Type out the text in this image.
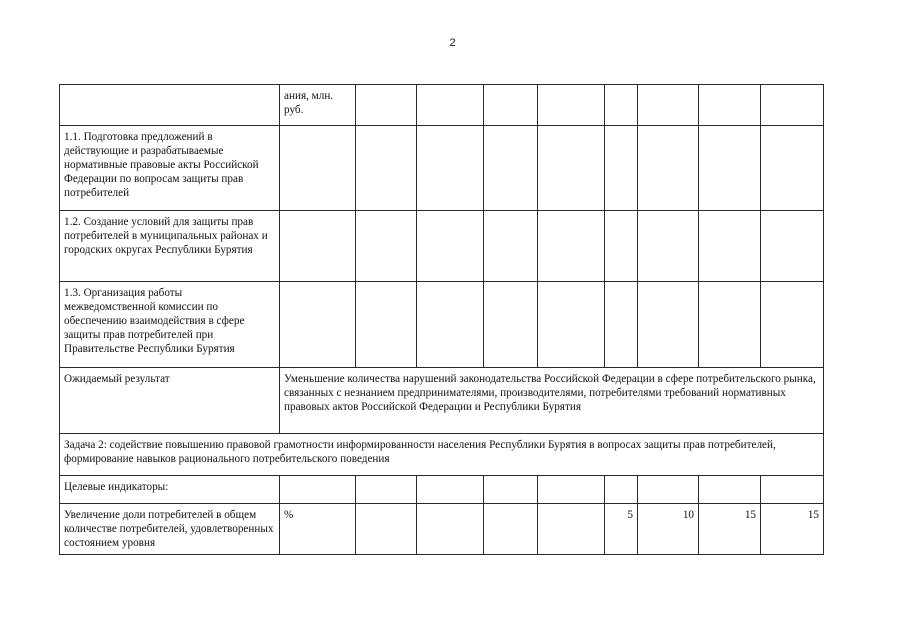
2
	ания, млн. руб.								
1.1. Подготовка предложений в действующие и разрабатываемые нормативные правовые акты Российской Федерации по вопросам защиты прав потребителей									
1.2. Создание условий для защиты прав потребителей в муниципальных районах и городских округах Республики Бурятия									
1.3. Организация работы межведомственной комиссии по обеспечению взаимодействия в сфере защиты прав потребителей при Правительстве Республики Бурятия									
Ожидаемый результат	Уменьшение количества нарушений законодательства Российской Федерации в сфере потребительского рынка, связанных с незнанием предпринимателями, производителями, потребителями требований нормативных правовых актов Российской Федерации и Республики Бурятия								
Задача 2: содействие повышению правовой грамотности информированности населения Республики Бурятия в вопросах защиты прав потребителей, формирование навыков рационального потребительского поведения									
Целевые индикаторы:									
Увеличение доли потребителей в общем количестве потребителей, удовлетворенных состоянием уровня	%					5	10	15	15
